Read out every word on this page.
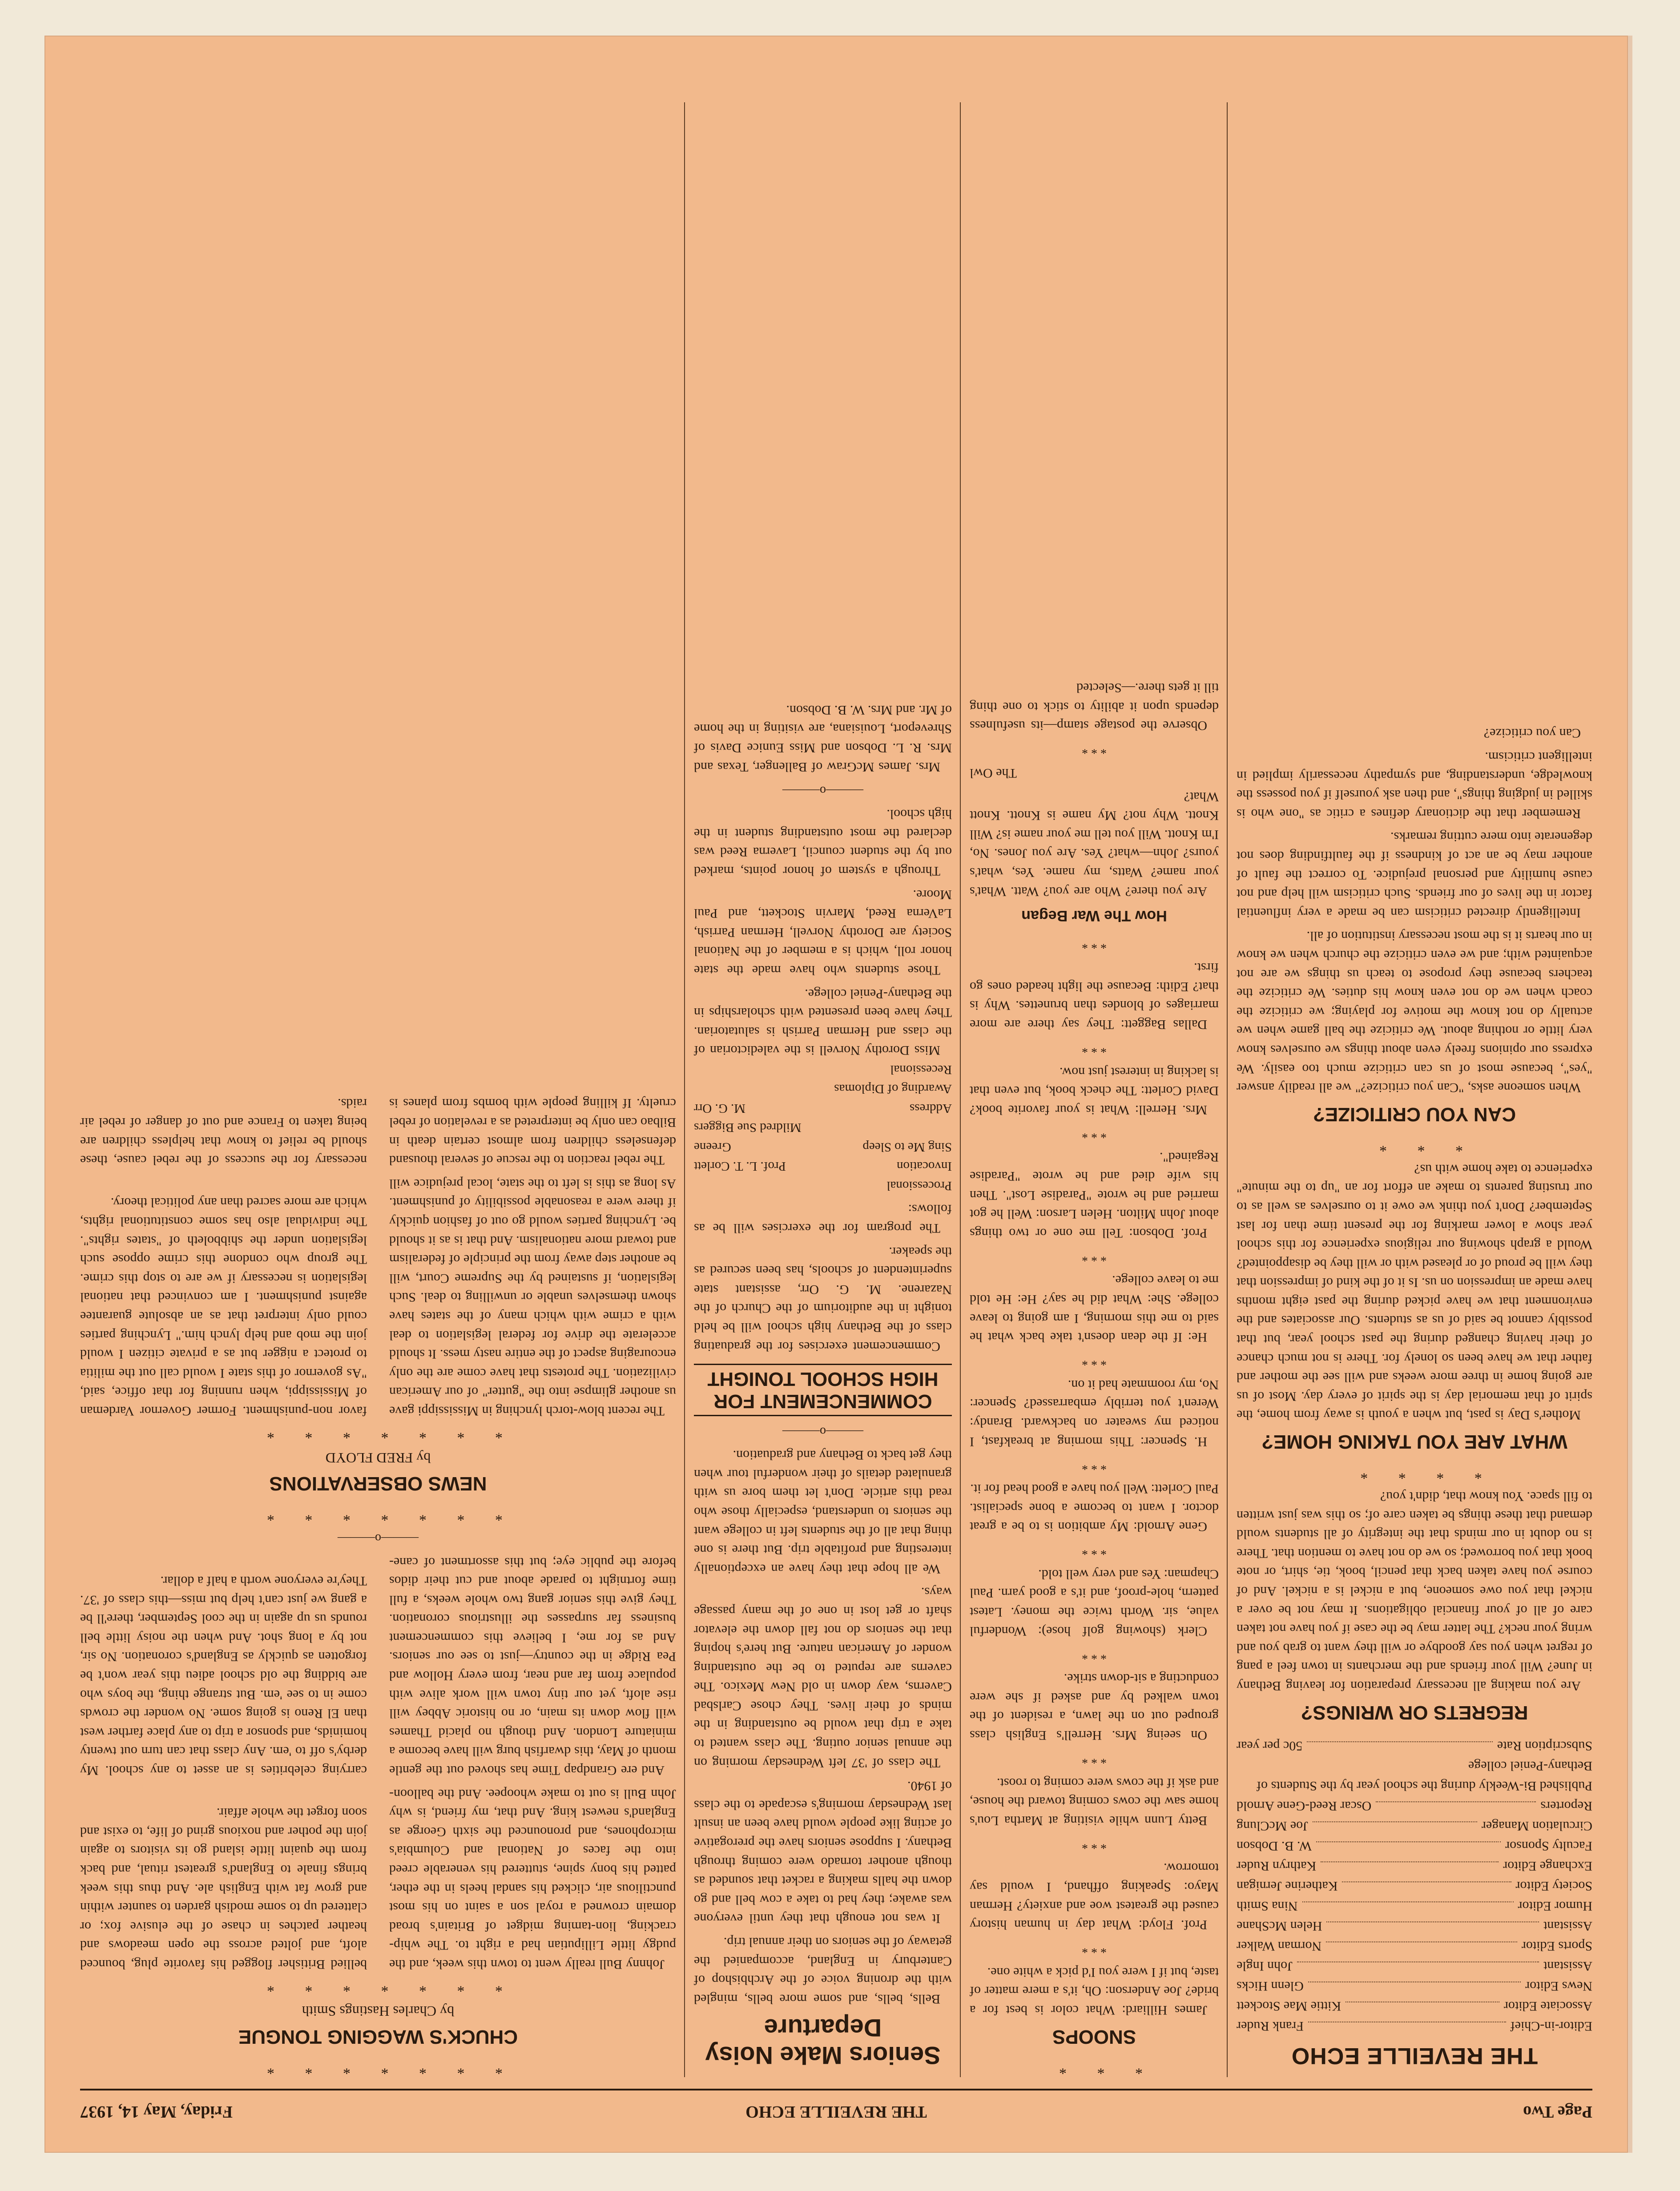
Page Two
THE REVEILLE ECHO
Friday, May 14, 1937
THE REVEILLE ECHO
Editor-in-Chief
Frank Ruder
Associate Editor
Kittie Mae Stockett
News Editor
Glenn Hicks
Assistant
John Ingle
Sports Editor
Norman Walker
Assistant
Helen McShane
Humor Editor
Nina Smith
Society Editor
Katherine Jernigan
Exchange Editor
Kathryn Ruder
Faculty Sponsor
W. B. Dobson
Circulation Manager
Joe McClung
Reporters
Oscar Reed-Gene Arnold
Published Bi-Weekly during the school year by the Students of Bethany-Peniel college
Subscription Rate
50c per year
REGRETS OR WRINGS?

Are you making all necessary preparation for leaving Bethany in June? Will your friends and the merchants in town feel a pang of regret when you say goodbye or will they want to grab you and wring your neck? The latter may be the case if you have not taken care of all of your financial obligations. It may not be over a nickel that you owe someone, but a nickel is a nickel. And of course you have taken back that pencil, book, tie, shirt, or note book that you borrowed; so we do not have to mention that. There is no doubt in our minds that the integrity of all students would demand that these things be taken care of; so this was just written to fill space. You know that, didn't you?

* * * *
WHAT ARE YOU TAKING HOME?

Mother's Day is past, but when a youth is away from home, the spirit of that memorial day is the spirit of every day. Most of us are going home in three more weeks and will see the mother and father that we have been so lonely for. There is not much chance of their having changed during the past school year, but that possibly cannot be said of us as students. Our associates and the environment that we have picked during the past eight months have made an impression on us. Is it of the kind of impression that they will be proud of or pleased with or will they be disappointed? Would a graph showing our religious experience for this school year show a lower marking for the present time than for last September? Don't you think we owe it to ourselves as well as to our trusting parents to make an effort for an "up to the minute" experience to take home with us?

* * *
CAN YOU CRITICIZE?

When someone asks, "Can you criticize?" we all readily answer "yes", because most of us can criticize much too easily. We express our opinions freely even about things we ourselves know very little or nothing about. We criticize the ball game when we actually do not know the motive for playing; we criticize the coach when we do not even know his duties. We criticize the teachers because they propose to teach us things we are not acquainted with; and we even criticize the church when we know in our hearts it is the most necessary institution of all.

Intelligently directed criticism can be made a very influential factor in the lives of our friends. Such criticism will help and not cause humility and personal prejudice. To correct the fault of another may be an act of kindness if the faultfinding does not degenerate into mere cutting remarks.

Remember that the dictionary defines a critic as "one who is skilled in judging things", and then ask yourself if you possess the knowledge, understanding, and sympathy necessarily implied in intelligent criticism.

Can you criticize?

* * *
SNOOPS

James Hilliard: What color is best for a bride? Joe Anderson: Oh, it's a mere matter of taste, but if I were you I'd pick a white one.

* * *

Prof. Floyd: What day in human history caused the greatest woe and anxiety? Herman Mayo: Speaking offhand, I would say tomorrow.

* * *

Betty Lunn while visiting at Martha Lou's home saw the cows coming toward the house, and ask if the cows were coming to roost.

* * *

On seeing Mrs. Herrell's English class grouped out on the lawn, a resident of the town walked by and asked if she were conducting a sit-down strike.

* * *

Clerk (showing golf hose): Wonderful value, sir. Worth twice the money. Latest pattern, hole-proof, and it's a good yarn. Paul Chapman: Yes and very well told.

* * *

Gene Arnold: My ambition is to be a great doctor. I want to become a bone specialist. Paul Corlett: Well you have a good head for it.

* * *

H. Spencer: This morning at breakfast, I noticed my sweater on backward. Brandy: Weren't you terribly embarrassed? Spencer: No, my roommate had it on.

* * *

He: If the dean doesn't take back what he said to me this morning, I am going to leave college. She: What did he say? He: He told me to leave college.

* * *

Prof. Dobson: Tell me one or two things about John Milton. Helen Larson: Well he got married and he wrote "Paradise Lost". Then his wife died and he wrote "Paradise Regained".

* * *

Mrs. Herrell: What is your favorite book? David Corlett: The check book, but even that is lacking in interest just now.

* * *

Dallas Baggett: They say there are more marriages of blondes than brunettes. Why is that? Edith: Because the light headed ones go first.

* * *
How The War Began

Are you there? Who are you? Watt. What's your name? Watts, my name. Yes, what's yours? John—what? Yes. Are you Jones. No, I'm Knott. Will you tell me your name is? Will Knott. Why not? My name is Knott. Knott What?

The Owl

* * *

Observe the postage stamp—its usefulness depends upon it ability to stick to one thing till it gets there.—Selected

Seniors Make Noisy Departure

Bells, bells, and some more bells, mingled with the droning voice of the Archbishop of Canterbury in England, accompanied the getaway of the seniors on their annual trip.

It was not enough that they until everyone was awake; they had to take a cow bell and go down the halls making a racket that sounded as though another tornado were coming through Bethany. I suppose seniors have the prerogative of acting like people would have been an insult last Wednesday morning's escapade to the class of 1940.

The class of '37 left Wednesday morning on the annual senior outing. The class wanted to take a trip that would be outstanding in the minds of their lives. They chose Carlsbad Caverns, way down in old New Mexico. The caverns are reputed to be the outstanding wonder of American nature. But here's hoping that the seniors do not fall down the elevator shaft or get lost in one of the many passage ways.

We all hope that they have an exceptionally interesting and profitable trip. But there is one thing that all of the students left in college want the seniors to understand, especially those who read this article. Don't let them bore us with granulated details of their wonderful tour when they get back to Bethany and graduation.

———o———
COMMENCEMENT FOR HIGH SCHOOL TONIGHT

Commencement exercises for the graduating class of the Bethany high school will be held tonight in the auditorium of the Church of the Nazarene. M. G. Orr, assistant state superintendent of schools, has been secured as the speaker.

The program for the exercises will be as follows:

Processional
Invocation
Prof. L. T. Corlett
Sing Me to Sleep
Greene
Mildred Sue Biggers
Address
M. G. Orr
Awarding of Diplomas
Recessional

Miss Dorothy Norvell is the valedictorian of the class and Herman Parrish is salutatorian. They have been presented with scholarships in the Bethany-Peniel college.

Those students who have made the state honor roll, which is a member of the National Society are Dorothy Norvell, Herman Parrish, LaVerna Reed, Marvin Stockett, and Paul Moore.

Through a system of honor points, marked out by the student council, Laverna Reed was declared the most outstanding student in the high school.

———o———

Mrs. James McGraw of Ballenger, Texas and Mrs. R. L. Dobson and Miss Eunice Davis of Shreveport, Louisiana, are visiting in the home of Mr. and Mrs. W. B. Dobson.

* * * * * * *
CHUCK'S WAGGING TONGUE
by Charles Hastings Smith
* * * * * * *

Johnny Bull really went to town this week, and the pudgy little Lilliputian had a right to. The whip-cracking, lion-taming midget of Britain's broad domain crowned a royal son a saint on his most punctilious air, clicked his sandal heels in the ether, patted his bony spine, stuttered his venerable creed into the faces of National and Columbia's microphones, and pronounced the sixth George as England's newest king. And that, my friend, is why John Bull is out to make whoopee. And the balloon-bellied Britisher flogged his favorite plug, bounced aloft, and jolted across the open meadows and heather patches in chase of the elusive fox; or clattered up to some modish garden to saunter within and grow fat with English ale. And thus this week brings finale to England's greatest ritual, and back from the quaint little island go its visitors to again join the pother and noxious grind of life, to exist and soon forget the whole affair.

And ere Grandpap Time has shoved out the gentle month of May, this dwarfish burg will have become a miniature London. And though no placid Thames will flow down its main, or no historic Abbey will rise aloft, yet our tiny town will work alive with populace from far and near, from every Hollow and Pea Ridge in the country—just to see our seniors. And as for me, I believe this commencement business far surpasses the illustrious coronation. They give this senior gang two whole weeks, a full time fortnight to parade about and cut their didos before the public eye; but this assortment of cane-carrying celebrities is an asset to any school. My derby's off to 'em. Any class that can turn out twenty hominids, and sponsor a trip to any place farther west than El Reno is going some. No wonder the crowds come in to see 'em. But strange thing, the boys who are bidding the old school adieu this year won't be forgotten as quickly as England's coronation. No sir, not by a long shot. And when the noisy little bell rounds us up again in the cool September, there'll be a gang we just can't help but miss—this class of '37. They're everyone worth a half a dollar.

———o———
* * * * * * *
NEWS OBSERVATIONS
by FRED FLOYD
* * * * * * *

The recent blow-torch lynching in Mississippi gave us another glimpse into the "gutter" of our American civilization. The protests that have come are the only encouraging aspect of the entire nasty mess. It should accelerate the drive for federal legislation to deal with a crime with which many of the states have shown themselves unable or unwilling to deal. Such legislation, if sustained by the Supreme Court, will be another step away from the principle of federalism and toward more nationalism. And that is as it should be. Lynching parties would go out of fashion quickly if there were a reasonable possibility of punishment. As long as this is left to the state, local prejudice will favor non-punishment. Former Governor Vardeman of Mississippi, when running for that office, said, "As governor of this state I would call out the militia to protect a nigger but as a private citizen I would join the mob and help lynch him." Lynching parties could only interpret that as an absolute guarantee against punishment. I am convinced that national legislation is necessary if we are to stop this crime. The group who condone this crime oppose such legislation under the shibboleth of "states rights". The individual also has some constitutional rights, which are more sacred than any political theory.

The rebel reaction to the rescue of several thousand defenseless children from almost certain death in Bilbao can only be interpreted as a revelation of rebel cruelty. If killing people with bombs from planes is necessary for the success of the rebel cause, these should be relief to know that helpless children are being taken to France and out of danger of rebel air raids.
